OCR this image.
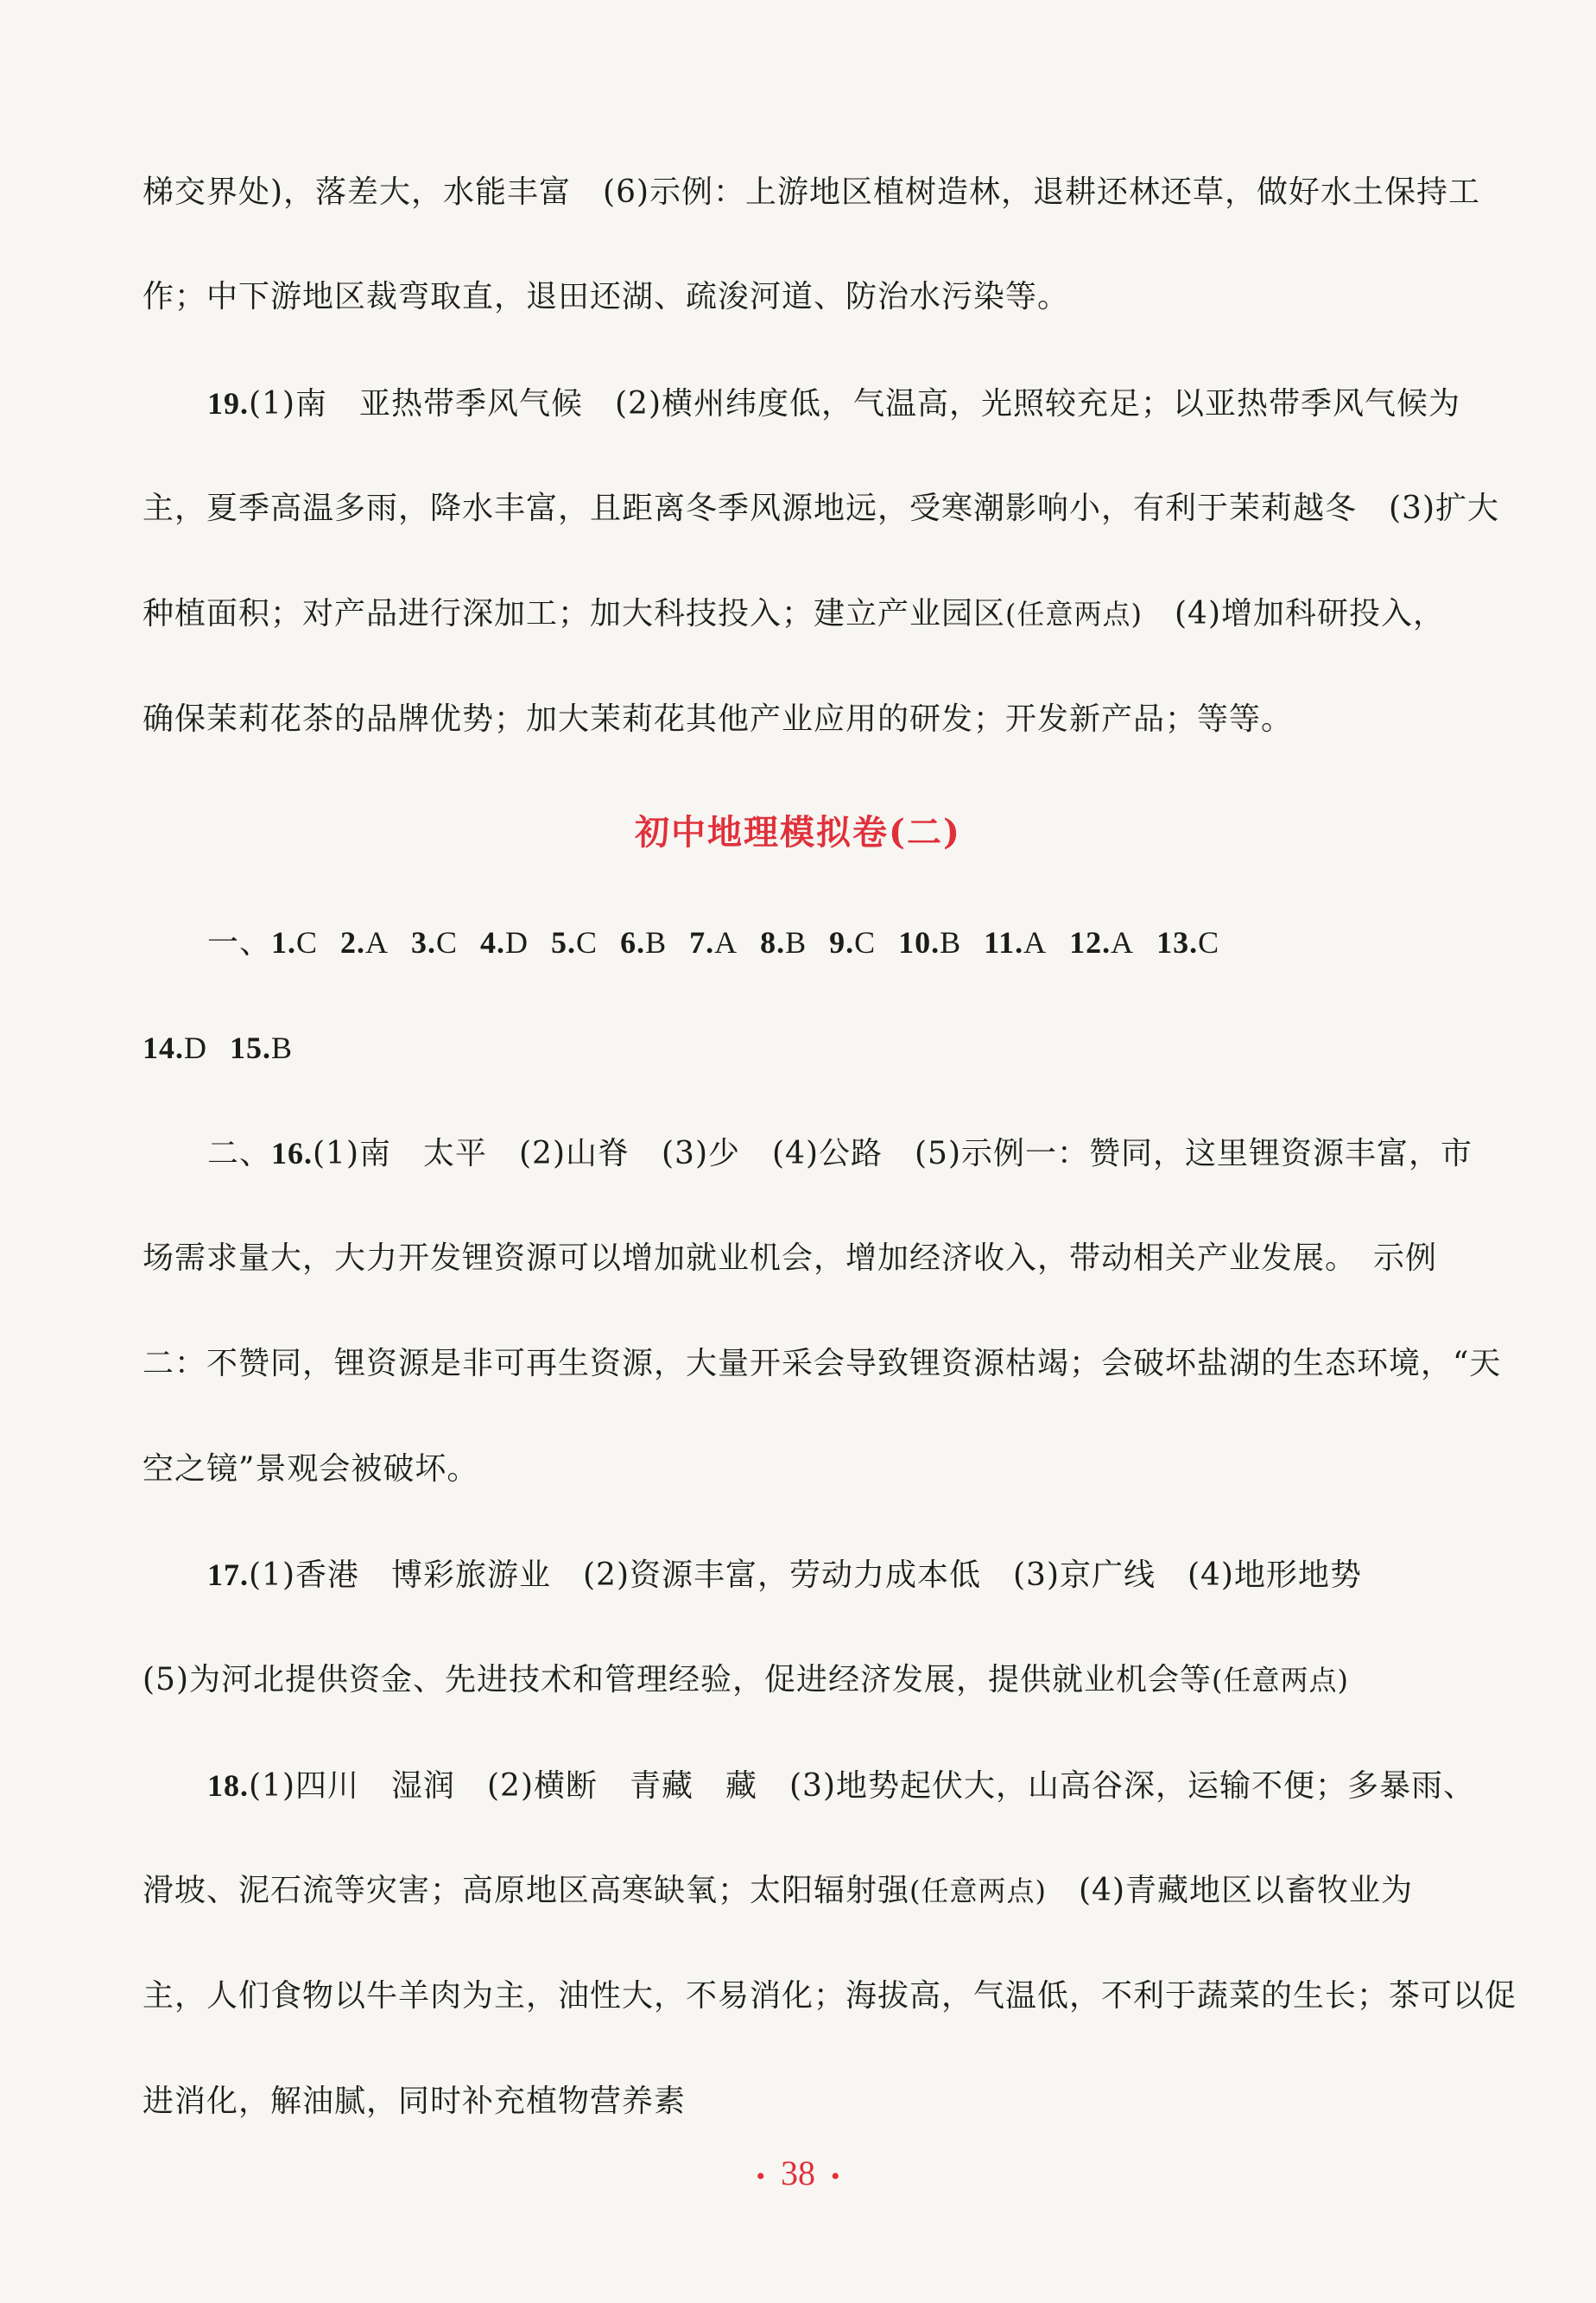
梯交界处)，落差大，水能丰富　(6)示例：上游地区植树造林，退耕还林还草，做好水土保持工
作；中下游地区裁弯取直，退田还湖、疏浚河道、防治水污染等。
19.(1)南　亚热带季风气候　(2)横州纬度低，气温高，光照较充足；以亚热带季风气候为
主，夏季高温多雨，降水丰富，且距离冬季风源地远，受寒潮影响小，有利于茉莉越冬　(3)扩大
种植面积；对产品进行深加工；加大科技投入；建立产业园区(任意两点)　(4)增加科研投入，
确保茉莉花茶的品牌优势；加大茉莉花其他产业应用的研发；开发新产品；等等。
初中地理模拟卷(二)
一、1.C 2.A 3.C 4.D 5.C 6.B 7.A 8.B 9.C 10.B 11.A 12.A 13.C
14.D 15.B
二、16.(1)南　太平　(2)山脊　(3)少　(4)公路　(5)示例一：赞同，这里锂资源丰富，市
场需求量大，大力开发锂资源可以增加就业机会，增加经济收入，带动相关产业发展。　示例
二：不赞同，锂资源是非可再生资源，大量开采会导致锂资源枯竭；会破坏盐湖的生态环境，“天
空之镜”景观会被破坏。
17.(1)香港　博彩旅游业　(2)资源丰富，劳动力成本低　(3)京广线　(4)地形地势
(5)为河北提供资金、先进技术和管理经验，促进经济发展，提供就业机会等(任意两点)
18.(1)四川　湿润　(2)横断　青藏　藏　(3)地势起伏大，山高谷深，运输不便；多暴雨、
滑坡、泥石流等灾害；高原地区高寒缺氧；太阳辐射强(任意两点)　(4)青藏地区以畜牧业为
主，人们食物以牛羊肉为主，油性大，不易消化；海拔高，气温低，不利于蔬菜的生长；茶可以促
进消化，解油腻，同时补充植物营养素
• 38 •
